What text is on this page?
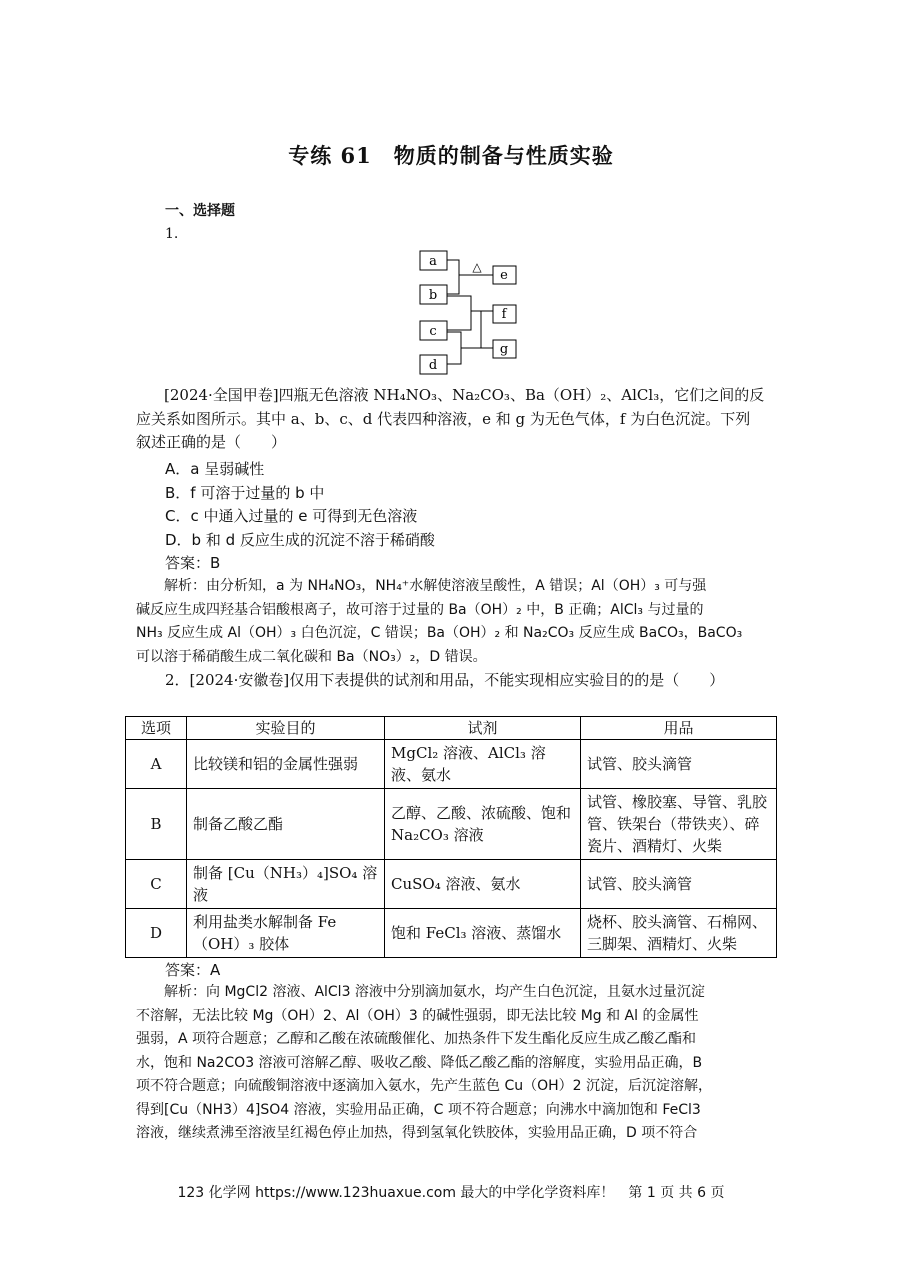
专练 61　物质的制备与性质实验
一、选择题
1.
a
b
c
d
e
f
g
△
[2024·全国甲卷]四瓶无色溶液 NH₄NO₃、Na₂CO₃、Ba（OH）₂、AlCl₃，它们之间的反
应关系如图所示。其中 a、b、c、d 代表四种溶液，e 和 g 为无色气体，f 为白色沉淀。下列
叙述正确的是（　　）
A．a 呈弱碱性
B．f 可溶于过量的 b 中
C．c 中通入过量的 e 可得到无色溶液
D．b 和 d 反应生成的沉淀不溶于稀硝酸
答案：B
解析：由分析知，a 为 NH₄NO₃，NH₄⁺水解使溶液呈酸性，A 错误；Al（OH）₃ 可与强
碱反应生成四羟基合铝酸根离子，故可溶于过量的 Ba（OH）₂ 中，B 正确；AlCl₃ 与过量的
NH₃ 反应生成 Al（OH）₃ 白色沉淀，C 错误；Ba（OH）₂ 和 Na₂CO₃ 反应生成 BaCO₃，BaCO₃
可以溶于稀硝酸生成二氧化碳和 Ba（NO₃）₂，D 错误。
2．[2024·安徽卷]仅用下表提供的试剂和用品，不能实现相应实验目的的是（　　）
选项	实验目的	试剂	用品
A	比较镁和铝的金属性强弱	MgCl₂ 溶液、AlCl₃ 溶液、氨水	试管、胶头滴管
B	制备乙酸乙酯	乙醇、乙酸、浓硫酸、饱和 Na₂CO₃ 溶液	试管、橡胶塞、导管、乳胶管、铁架台（带铁夹）、碎瓷片、酒精灯、火柴
C	制备 [Cu（NH₃）₄]SO₄ 溶液	CuSO₄ 溶液、氨水	试管、胶头滴管
D	利用盐类水解制备 Fe（OH）₃ 胶体	饱和 FeCl₃ 溶液、蒸馏水	烧杯、胶头滴管、石棉网、三脚架、酒精灯、火柴
答案：A
解析：向 MgCl2 溶液、AlCl3 溶液中分别滴加氨水，均产生白色沉淀，且氨水过量沉淀
不溶解，无法比较 Mg（OH）2、Al（OH）3 的碱性强弱，即无法比较 Mg 和 Al 的金属性
强弱，A 项符合题意；乙醇和乙酸在浓硫酸催化、加热条件下发生酯化反应生成乙酸乙酯和
水，饱和 Na2CO3 溶液可溶解乙醇、吸收乙酸、降低乙酸乙酯的溶解度，实验用品正确，B
项不符合题意；向硫酸铜溶液中逐滴加入氨水，先产生蓝色 Cu（OH）2 沉淀，后沉淀溶解，
得到[Cu（NH3）4]SO4 溶液，实验用品正确，C 项不符合题意；向沸水中滴加饱和 FeCl3
溶液，继续煮沸至溶液呈红褐色停止加热，得到氢氧化铁胶体，实验用品正确，D 项不符合
123 化学网 https://www.123huaxue.com 最大的中学化学资料库！　第 1 页 共 6 页
